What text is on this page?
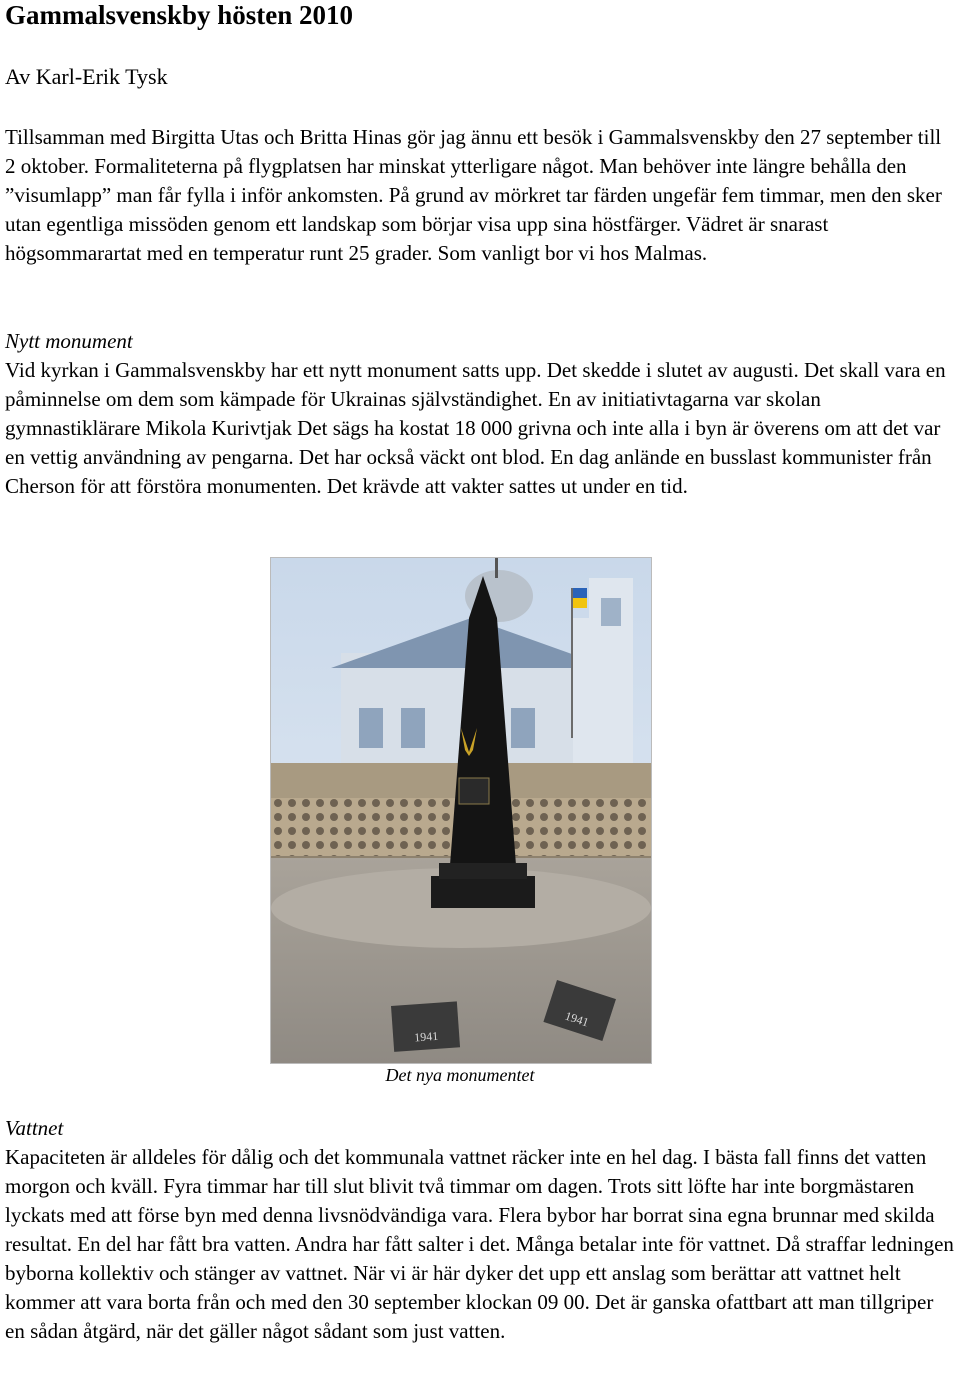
Gammalsvenskby hösten 2010

Av Karl-Erik Tysk

Tillsamman med Birgitta Utas och Britta Hinas gör jag ännu ett besök i Gammalsvenskby den 27 september till 2 oktober. Formaliteterna på flygplatsen har minskat ytterligare något. Man behöver inte längre behålla den ”visumlapp” man får fylla i inför ankomsten. På grund av mörkret tar färden ungefär fem timmar, men den sker utan egentliga missöden genom ett landskap som börjar visa upp sina höstfärger. Vädret är snarast högsommarartat med en temperatur runt 25 grader. Som vanligt bor vi hos Malmas.

Nytt monument

Vid kyrkan i Gammalsvenskby har ett nytt monument satts upp. Det skedde i slutet av augusti. Det skall vara en påminnelse om dem som kämpade för Ukrainas självständighet. En av initiativtagarna var skolan gymnastiklärare Mikola Kurivtjak Det sägs ha kostat 18 000 grivna och inte alla i byn är överens om att det var en vettig användning av pengarna. Det har också väckt ont blod. En dag anlände en busslast kommunister från Cherson för att förstöra monumenten. Det krävde att vakter sattes ut under en tid.

1941
1941
Det nya monumentet

Vattnet

Kapaciteten är alldeles för dålig och det kommunala vattnet räcker inte en hel dag. I bästa fall finns det vatten morgon och kväll. Fyra timmar har till slut blivit två timmar om dagen. Trots sitt löfte har inte borgmästaren lyckats med att förse byn med denna livsnödvändiga vara. Flera bybor har borrat sina egna brunnar med skilda resultat. En del har fått bra vatten. Andra har fått salter i det. Många betalar inte för vattnet. Då straffar ledningen byborna kollektiv och stänger av vattnet. När vi är här dyker det upp ett anslag som berättar att vattnet helt kommer att vara borta från och med den 30 september klockan 09 00. Det är ganska ofattbart att man tillgriper en sådan åtgärd, när det gäller något sådant som just vatten.
